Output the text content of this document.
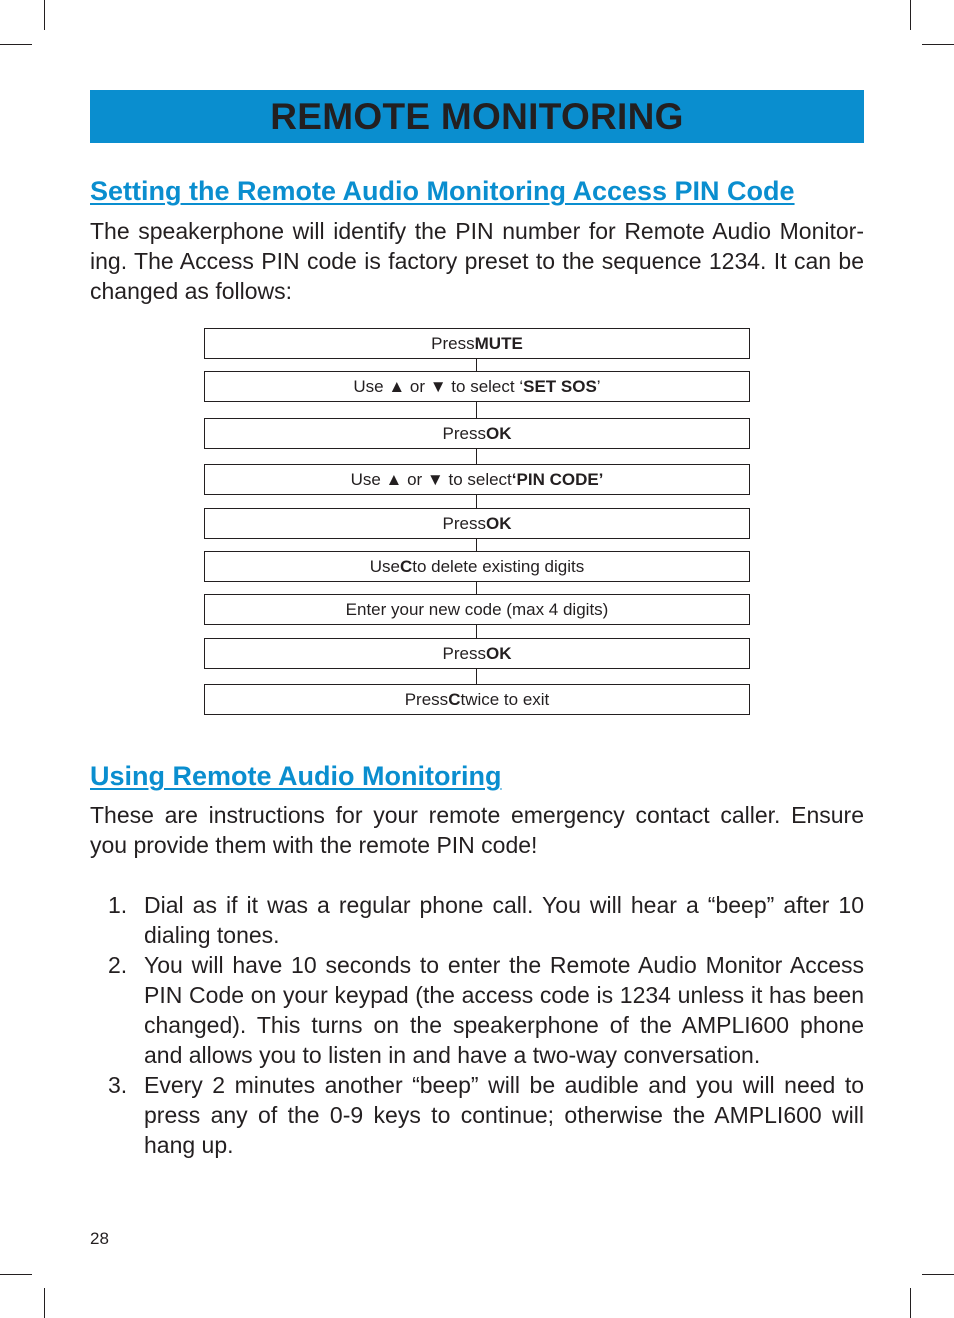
REMOTE MONITORING
Setting the Remote Audio Monitoring Access PIN Code

The speakerphone will identify the PIN number for Remote Audio Monitor-ing. The Access PIN code is factory preset to the sequence 1234. It can be changed as follows:

Press MUTE
Use ▲ or ▼ to select ‘ SET SOS ’
Press OK
Use ▲ or ▼ to select ‘PIN CODE’
Press OK
Use C to delete existing digits
Enter your new code (max 4 digits)
Press OK
Press C twice to exit
Using Remote Audio Monitoring

These are instructions for your remote emergency contact caller. Ensure you provide them with the remote PIN code!

1. Dial as if it was a regular phone call. You will hear a “beep” after 10 dialing tones.
2. You will have 10 seconds to enter the Remote Audio Monitor Access PIN Code on your keypad (the access code is 1234 unless it has been changed). This turns on the speakerphone of the AMPLI600 phone and allows you to listen in and have a two-way conversation.
3. Every 2 minutes another “beep” will be audible and you will need to press any of the 0-9 keys to continue; otherwise the AMPLI600 will hang up.
28
